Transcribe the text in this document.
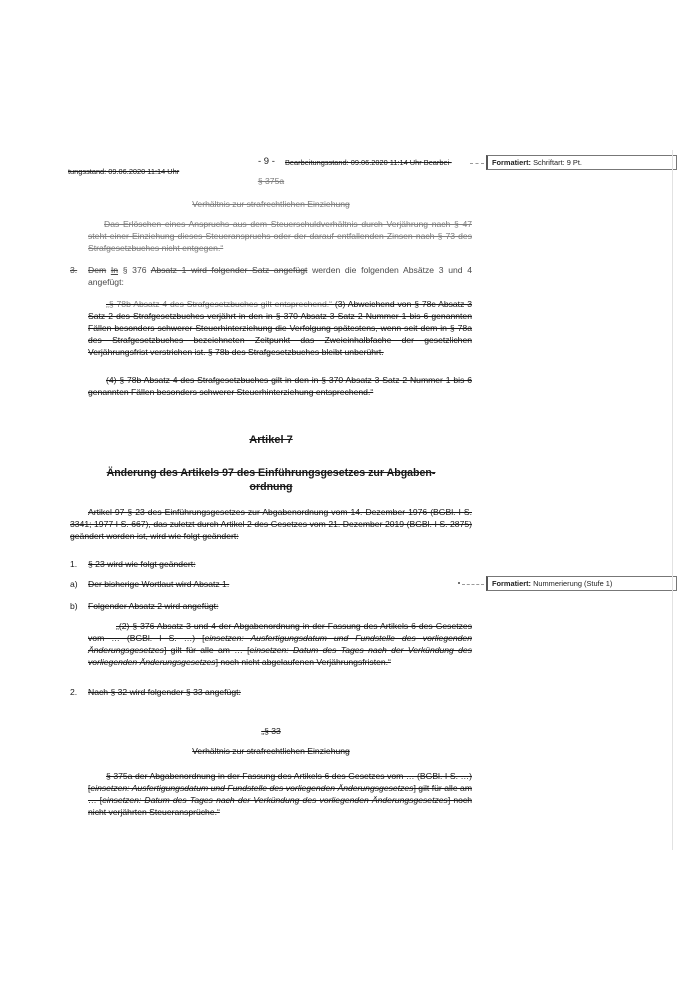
- 9 - Bearbeitungsstand: 09.06.2020 11:14 Uhr Bearbei-
tungsstand: 09.06.2020 11:14 Uhr
Formatiert: Schriftart: 9 Pt.
Formatiert: Nummerierung (Stufe 1)
§ 375a
Verhältnis zur strafrechtlichen Einziehung
Das Erlöschen eines Anspruchs aus dem Steuerschuldverhältnis durch Verjährung nach § 47 steht einer Einziehung dieses Steueranspruchs oder der darauf entfallenden Zinsen nach § 73 des Strafgesetzbuches nicht entgegen.“
3. Dem In § 376 Absatz 1 wird folgender Satz angefügt werden die folgenden Absätze 3 und 4 angefügt:
„§ 78b Absatz 4 des Strafgesetzbuches gilt entsprechend.“ (3) Abweichend von § 78c Absatz 3 Satz 2 des Strafgesetzbuches verjährt in den in § 370 Absatz 3 Satz 2 Nummer 1 bis 6 genannten Fällen besonders schwerer Steuerhinterziehung die Verfolgung spätestens, wenn seit dem in § 78a des Strafgesetzbuches bezeichneten Zeitpunkt das Zweieinhalbfache der gesetzlichen Verjährungsfrist verstrichen ist. § 78b des Strafgesetzbuches bleibt unberührt.
(4) § 78b Absatz 4 des Strafgesetzbuches gilt in den in § 370 Absatz 3 Satz 2 Nummer 1 bis 6 genannten Fällen besonders schwerer Steuerhinterziehung entsprechend.“
Artikel 7
Änderung des Artikels 97 des Einführungsgesetzes zur Abgaben-
ordnung
Artikel 97 § 23 des Einführungsgesetzes zur Abgabenordnung vom 14. Dezember 1976 (BGBl. I S. 3341; 1977 I S. 667), das zuletzt durch Artikel 2 des Gesetzes vom 21. Dezember 2019 (BGBl. I S. 2875) geändert worden ist, wird wie folgt geändert:
1. § 23 wird wie folgt geändert:
a) Der bisherige Wortlaut wird Absatz 1.
b) Folgender Absatz 2 wird angefügt:
„(2) § 376 Absatz 3 und 4 der Abgabenordnung in der Fassung des Artikels 6 des Gesetzes vom … (BGBl. I S. …) [einsetzen: Ausfertigungsdatum und Fundstelle des vorliegenden Änderungsgesetzes] gilt für alle am … [einsetzen: Datum des Tages nach der Verkündung des vorliegenden Änderungsgesetzes] noch nicht abgelaufenen Verjährungsfristen.“
2. Nach § 32 wird folgender § 33 angefügt:
„§ 33
Verhältnis zur strafrechtlichen Einziehung
§ 375a der Abgabenordnung in der Fassung des Artikels 6 des Gesetzes vom … (BGBl. I S. …) [einsetzen: Ausfertigungsdatum und Fundstelle des vorliegenden Änderungsgesetzes] gilt für alle am … [einsetzen: Datum des Tages nach der Verkündung des vorliegenden Änderungsgesetzes] noch nicht verjährten Steueransprüche.“
